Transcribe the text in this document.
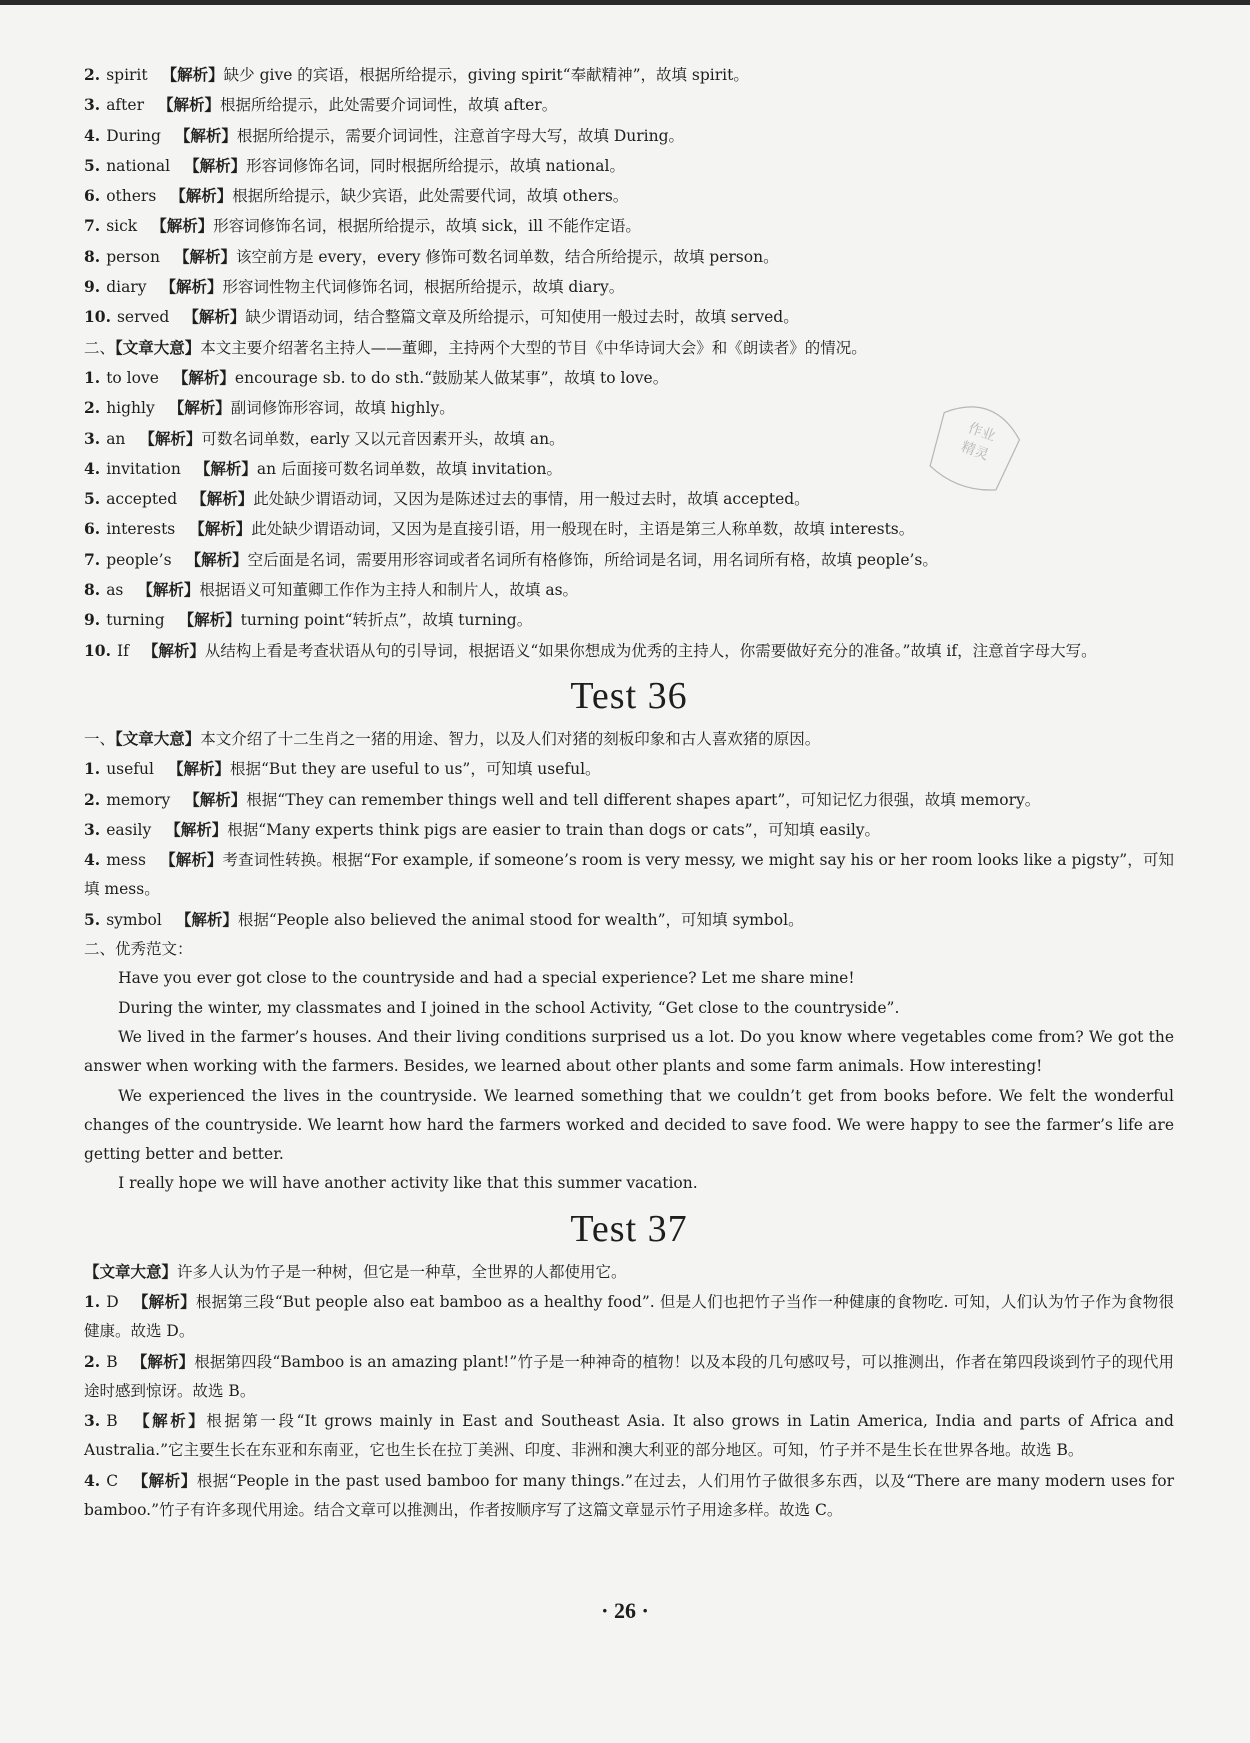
作业
精灵
2. spirit 【解析】缺少 give 的宾语，根据所给提示，giving spirit“奉献精神”，故填 spirit。
3. after 【解析】根据所给提示，此处需要介词词性，故填 after。
4. During 【解析】根据所给提示，需要介词词性，注意首字母大写，故填 During。
5. national 【解析】形容词修饰名词，同时根据所给提示，故填 national。
6. others 【解析】根据所给提示，缺少宾语，此处需要代词，故填 others。
7. sick 【解析】形容词修饰名词，根据所给提示，故填 sick，ill 不能作定语。
8. person 【解析】该空前方是 every，every 修饰可数名词单数，结合所给提示，故填 person。
9. diary 【解析】形容词性物主代词修饰名词，根据所给提示，故填 diary。
10. served 【解析】缺少谓语动词，结合整篇文章及所给提示，可知使用一般过去时，故填 served。
二、【文章大意】本文主要介绍著名主持人——董卿，主持两个大型的节目《中华诗词大会》和《朗读者》的情况。
1. to love 【解析】encourage sb. to do sth.“鼓励某人做某事”，故填 to love。
2. highly 【解析】副词修饰形容词，故填 highly。
3. an 【解析】可数名词单数，early 又以元音因素开头，故填 an。
4. invitation 【解析】an 后面接可数名词单数，故填 invitation。
5. accepted 【解析】此处缺少谓语动词，又因为是陈述过去的事情，用一般过去时，故填 accepted。
6. interests 【解析】此处缺少谓语动词，又因为是直接引语，用一般现在时，主语是第三人称单数，故填 interests。
7. people’s 【解析】空后面是名词，需要用形容词或者名词所有格修饰，所给词是名词，用名词所有格，故填 people’s。
8. as 【解析】根据语义可知董卿工作作为主持人和制片人，故填 as。
9. turning 【解析】turning point“转折点”，故填 turning。
10. If 【解析】从结构上看是考查状语从句的引导词，根据语义“如果你想成为优秀的主持人，你需要做好充分的准备。”故填 if，注意首字母大写。
Test 36
一、【文章大意】本文介绍了十二生肖之一猪的用途、智力，以及人们对猪的刻板印象和古人喜欢猪的原因。
1. useful 【解析】根据“But they are useful to us”，可知填 useful。
2. memory 【解析】根据“They can remember things well and tell different shapes apart”，可知记忆力很强，故填 memory。
3. easily 【解析】根据“Many experts think pigs are easier to train than dogs or cats”，可知填 easily。
4. mess 【解析】考查词性转换。根据“For example, if someone’s room is very messy, we might say his or her room looks like a pigsty”，可知填 mess。
5. symbol 【解析】根据“People also believed the animal stood for wealth”，可知填 symbol。
二、优秀范文：
Have you ever got close to the countryside and had a special experience? Let me share mine!
During the winter, my classmates and I joined in the school Activity, “Get close to the countryside”.
We lived in the farmer’s houses. And their living conditions surprised us a lot. Do you know where vegetables come from? We got the answer when working with the farmers. Besides, we learned about other plants and some farm animals. How interesting!
We experienced the lives in the countryside. We learned something that we couldn’t get from books before. We felt the wonderful changes of the countryside. We learnt how hard the farmers worked and decided to save food. We were happy to see the farmer’s life are getting better and better.
I really hope we will have another activity like that this summer vacation.
Test 37
【文章大意】许多人认为竹子是一种树，但它是一种草，全世界的人都使用它。
1. D 【解析】根据第三段“But people also eat bamboo as a healthy food”. 但是人们也把竹子当作一种健康的食物吃. 可知，人们认为竹子作为食物很健康。故选 D。
2. B 【解析】根据第四段“Bamboo is an amazing plant!”竹子是一种神奇的植物！以及本段的几句感叹号，可以推测出，作者在第四段谈到竹子的现代用途时感到惊讶。故选 B。
3. B 【解析】根据第一段“It grows mainly in East and Southeast Asia. It also grows in Latin America, India and parts of Africa and Australia.”它主要生长在东亚和东南亚，它也生长在拉丁美洲、印度、非洲和澳大利亚的部分地区。可知，竹子并不是生长在世界各地。故选 B。
4. C 【解析】根据“People in the past used bamboo for many things.”在过去，人们用竹子做很多东西，以及“There are many modern uses for bamboo.”竹子有许多现代用途。结合文章可以推测出，作者按顺序写了这篇文章显示竹子用途多样。故选 C。
· 26 ·
